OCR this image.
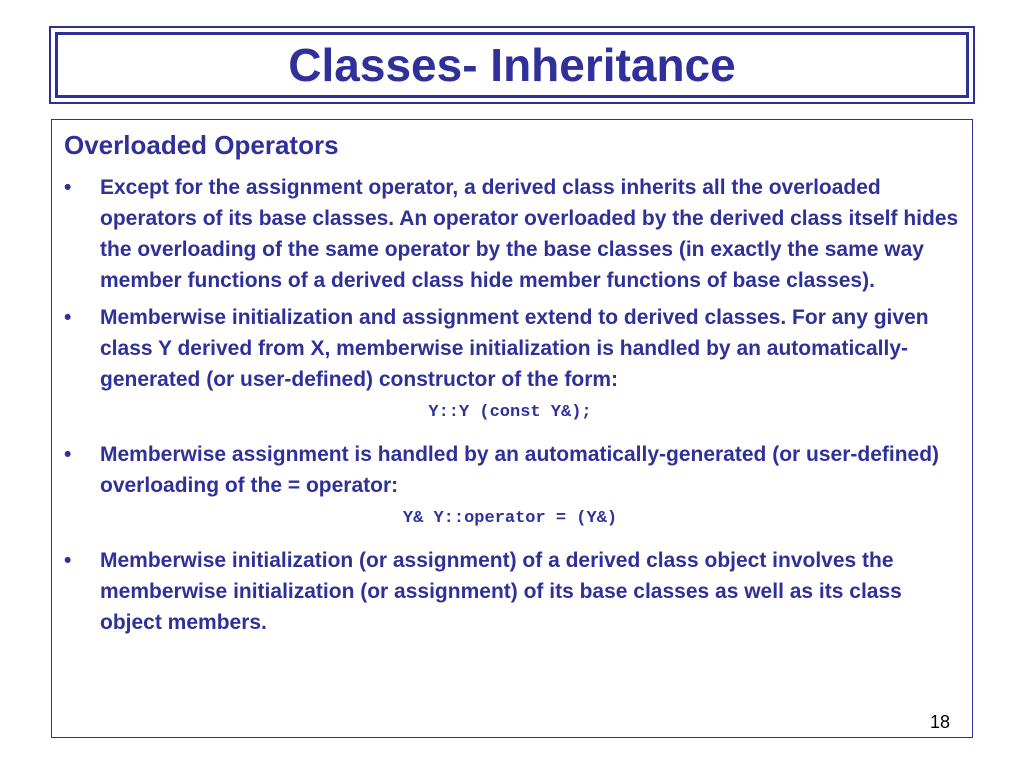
Classes- Inheritance
Overloaded Operators
•	Except for the assignment operator, a derived class inherits all the overloaded operators of its base classes. An operator overloaded by the derived class itself hides the overloading of the same operator by the base classes (in exactly the same way member functions of a derived class hide member functions of base classes).
•	Memberwise initialization and assignment extend to derived classes. For any given class Y derived from X, memberwise initialization is handled by an automatically-generated (or user-defined) constructor of the form:
Y::Y (const Y&);
•	Memberwise assignment is handled by an automatically-generated (or user-defined) overloading of the = operator:
Y& Y::operator = (Y&)
•	Memberwise initialization (or assignment) of a derived class object involves the memberwise initialization (or assignment) of its base classes as well as its class object members.
18
